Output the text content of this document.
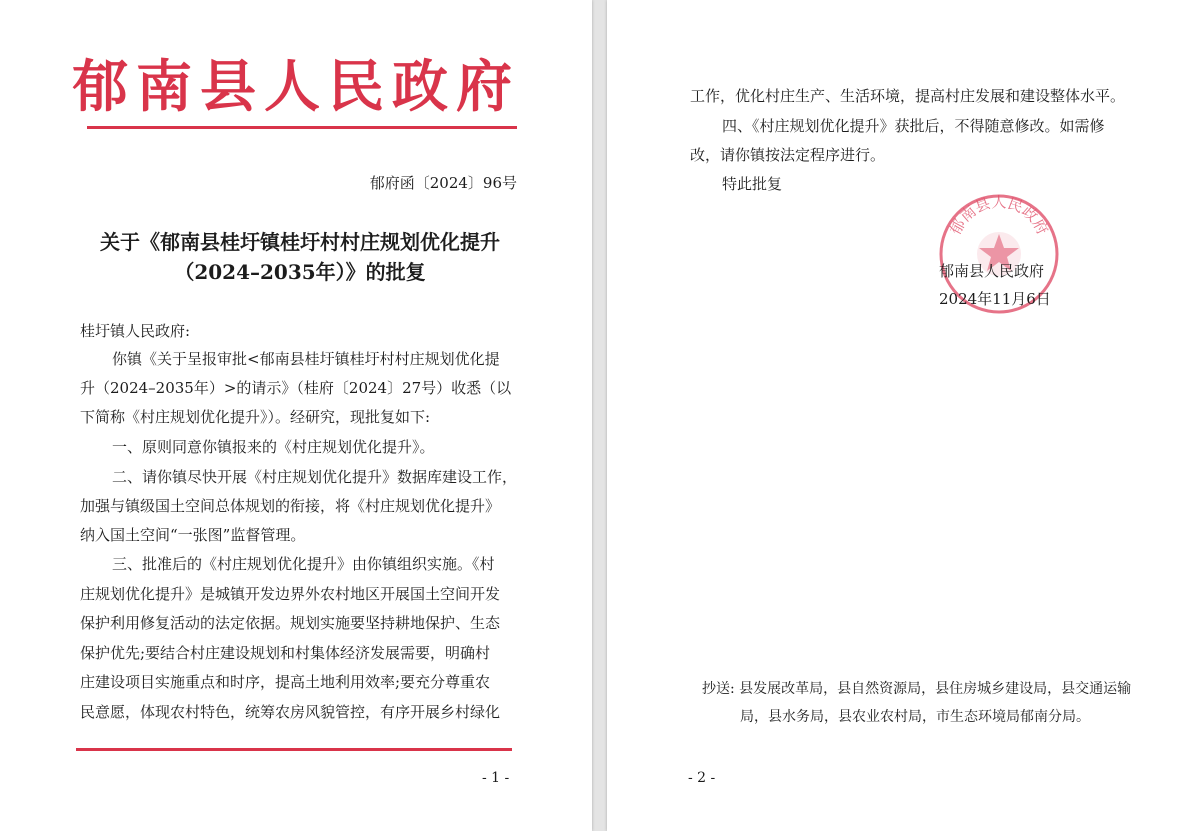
郁南县人民政府
郁府函〔2024〕96号
关于《郁南县桂圩镇桂圩村村庄规划优化提升
（2024–2035年）》的批复
桂圩镇人民政府:
你镇《关于呈报审批<郁南县桂圩镇桂圩村村庄规划优化提
升（2024–2035年）>的请示》（桂府〔2024〕27号）收悉（以
下简称《村庄规划优化提升》）。经研究，现批复如下:
一、原则同意你镇报来的《村庄规划优化提升》。
二、请你镇尽快开展《村庄规划优化提升》数据库建设工作，
加强与镇级国土空间总体规划的衔接，将《村庄规划优化提升》
纳入国土空间“一张图”监督管理。
三、批准后的《村庄规划优化提升》由你镇组织实施。《村
庄规划优化提升》是城镇开发边界外农村地区开展国土空间开发
保护利用修复活动的法定依据。规划实施要坚持耕地保护、生态
保护优先;要结合村庄建设规划和村集体经济发展需要，明确村
庄建设项目实施重点和时序，提高土地利用效率;要充分尊重农
民意愿，体现农村特色，统筹农房风貌管控，有序开展乡村绿化
- 1 -
工作，优化村庄生产、生活环境，提高村庄发展和建设整体水平。
四、《村庄规划优化提升》获批后，不得随意修改。如需修
改，请你镇按法定程序进行。
特此批复
郁南县人民政府
郁南县人民政府
2024年11月6日
抄送: 县发展改革局，县自然资源局，县住房城乡建设局，县交通运输
局，县水务局，县农业农村局，市生态环境局郁南分局。
- 2 -
